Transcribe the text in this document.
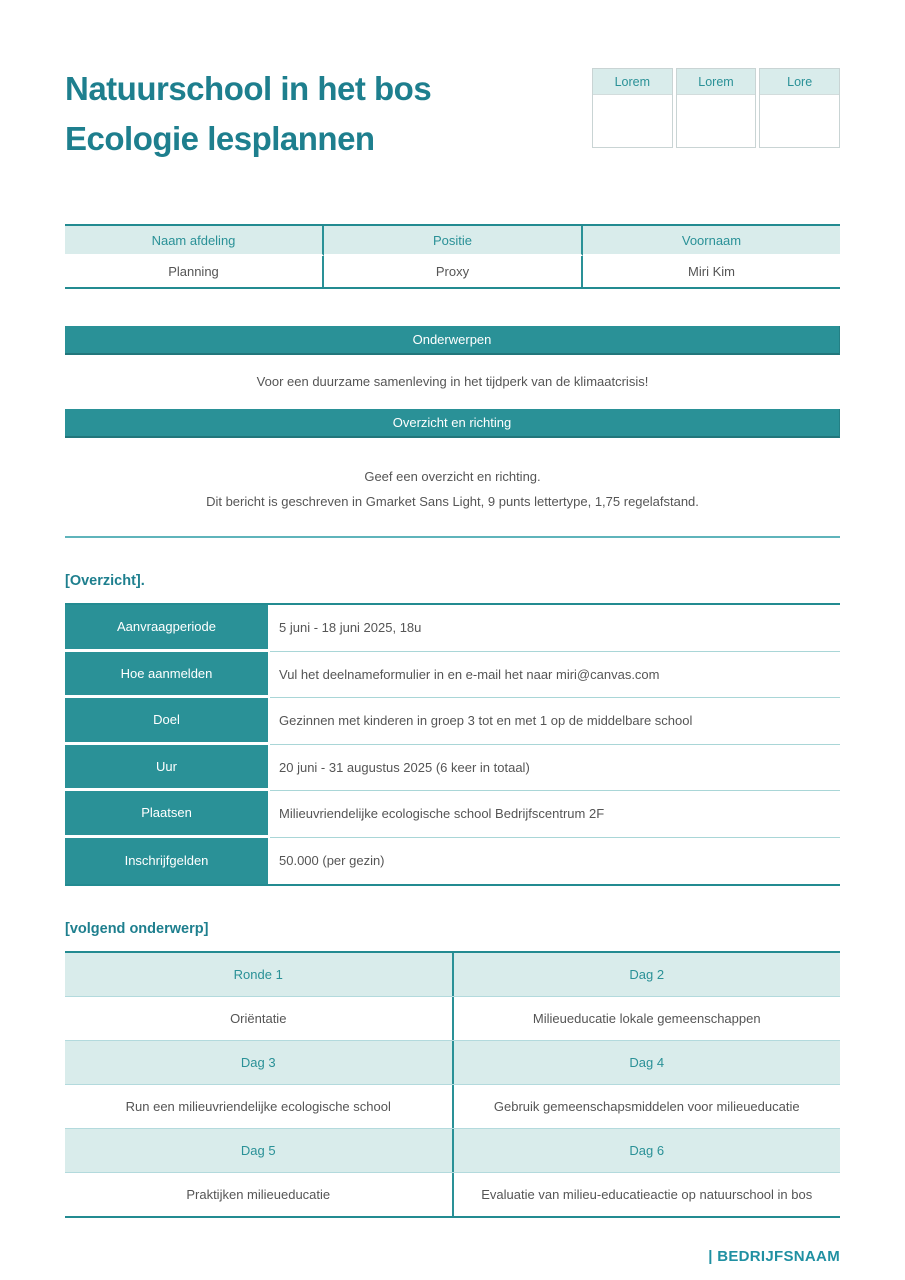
Natuurschool in het bos
Ecologie lesplannen
Lorem	Lorem	Lore
Naam afdeling	Positie	Voornaam
Planning	Proxy	Miri Kim
Onderwerpen
Voor een duurzame samenleving in het tijdperk van de klimaatcrisis!
Overzicht en richting
Geef een overzicht en richting.
Dit bericht is geschreven in Gmarket Sans Light, 9 punts lettertype, 1,75 regelafstand.
[Overzicht].
Aanvraagperiode	5 juni - 18 juni 2025, 18u
Hoe aanmelden	Vul het deelnameformulier in en e-mail het naar miri@canvas.com
Doel	Gezinnen met kinderen in groep 3 tot en met 1 op de middelbare school
Uur	20 juni - 31 augustus 2025 (6 keer in totaal)
Plaatsen	Milieuvriendelijke ecologische school Bedrijfscentrum 2F
Inschrijfgelden	50.000 (per gezin)
[volgend onderwerp]
Ronde 1	Dag 2
Oriëntatie	Milieueducatie lokale gemeenschappen
Dag 3	Dag 4
Run een milieuvriendelijke ecologische school	Gebruik gemeenschapsmiddelen voor milieueducatie
Dag 5	Dag 6
Praktijken milieueducatie	Evaluatie van milieu-educatieactie op natuurschool in bos
| BEDRIJFSNAAM
